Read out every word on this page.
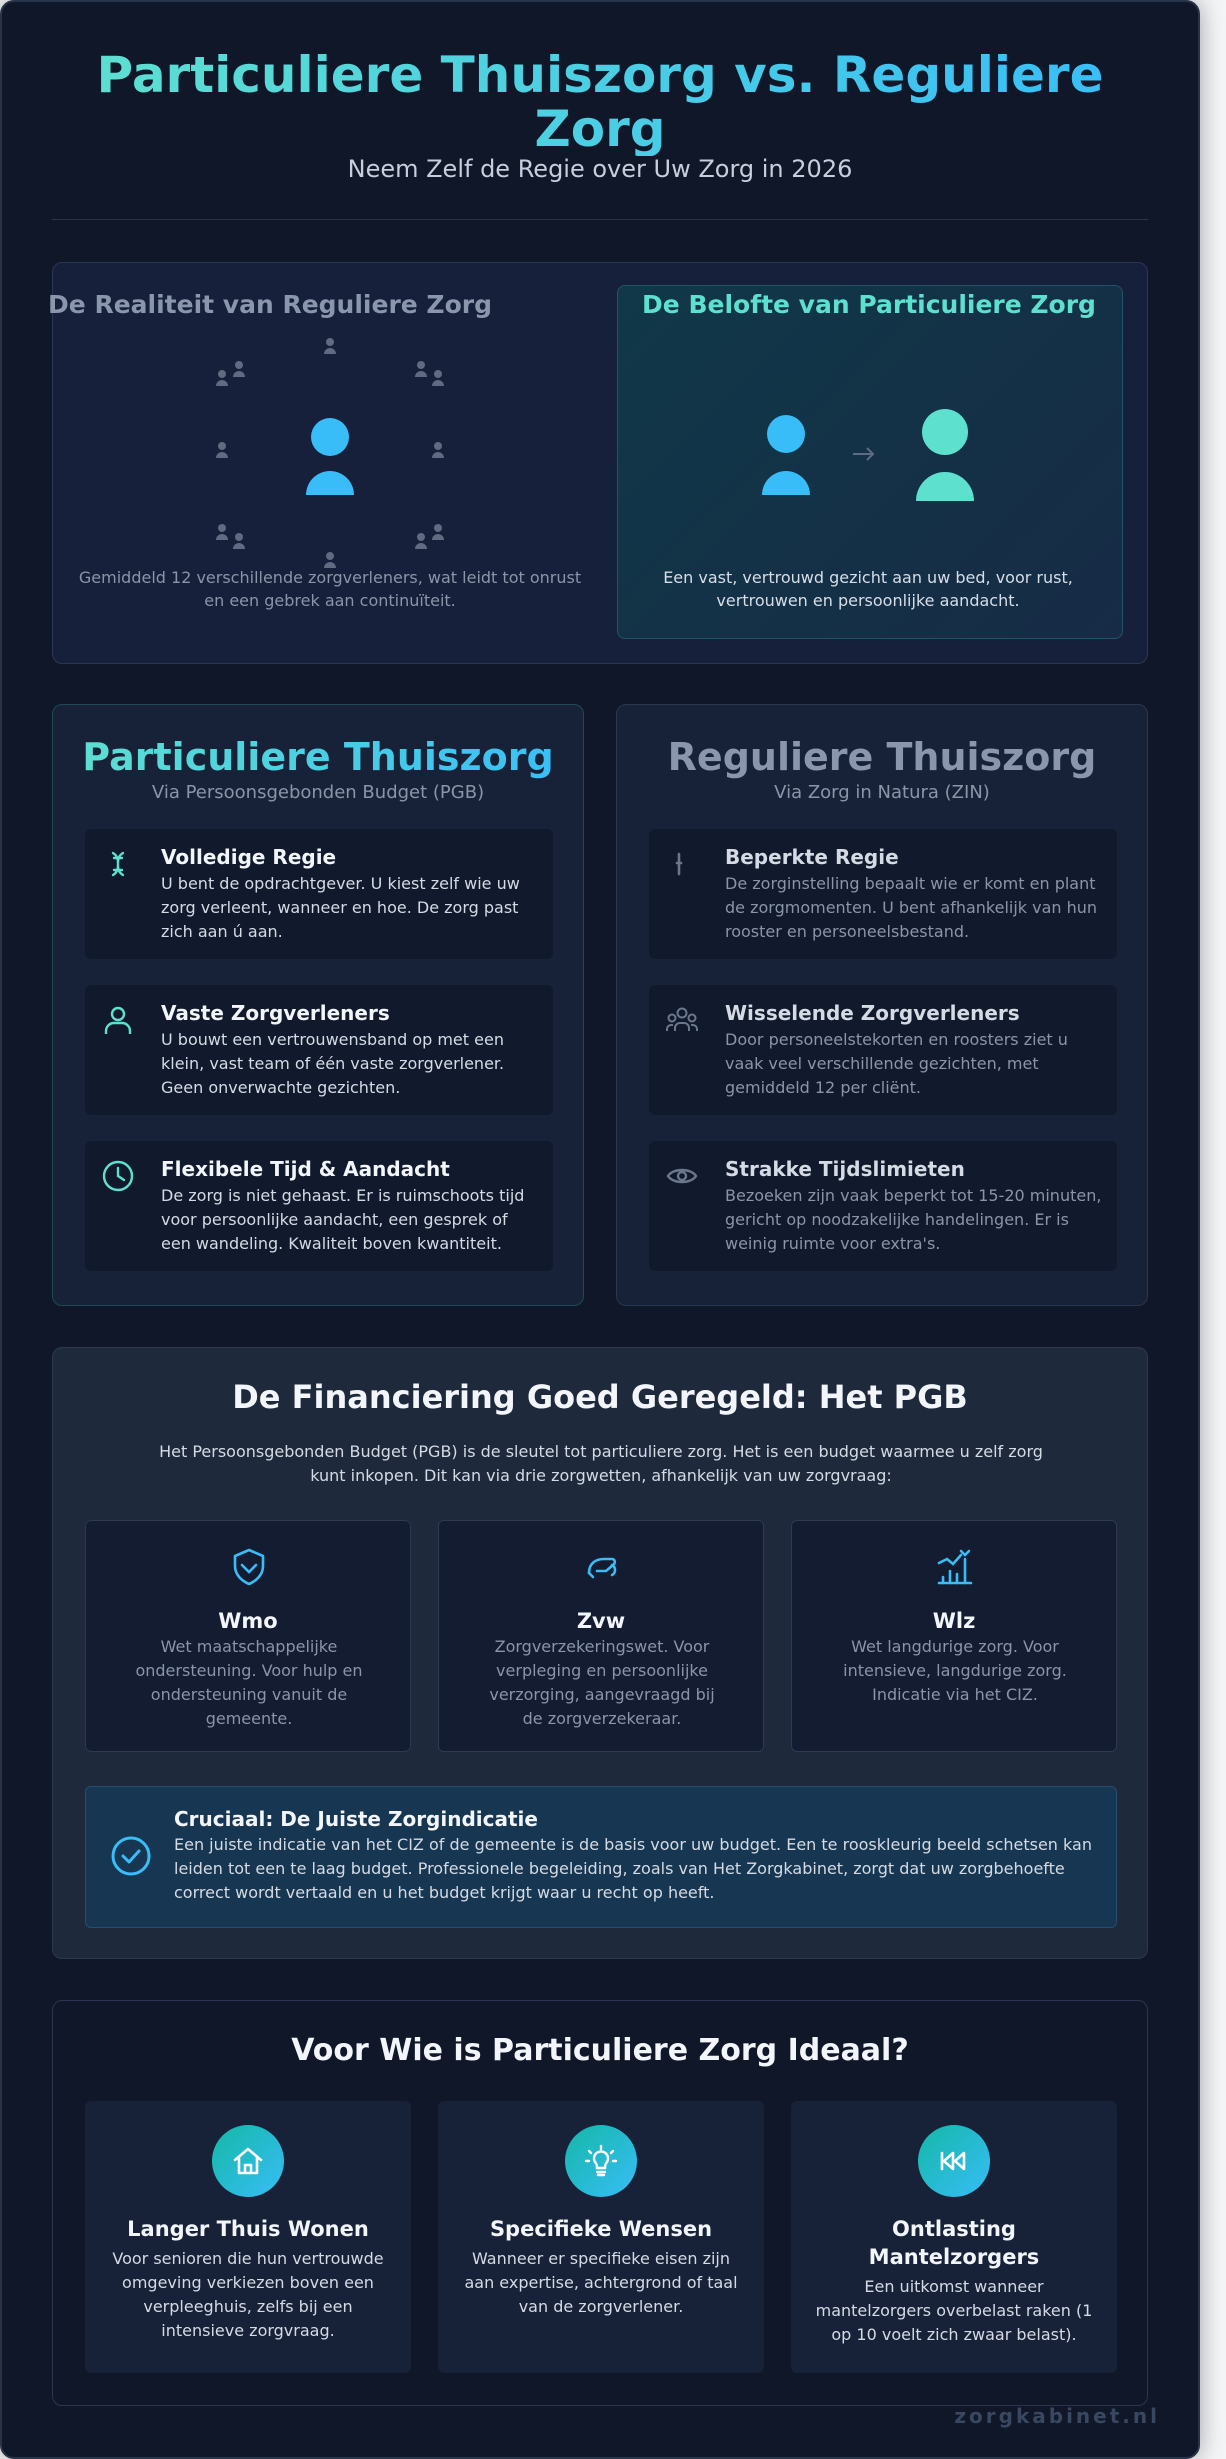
Particuliere Thuiszorg vs. Reguliere Zorg
Neem Zelf de Regie over Uw Zorg in 2026
De Realiteit van Reguliere Zorg	De Belofte van Particuliere Zorg
Gemiddeld 12 verschillende zorgverleners, wat leidt tot onrust en een gebrek aan continuïteit.
Een vast, vertrouwd gezicht aan uw bed, voor rust, vertrouwen en persoonlijke aandacht.
Particuliere Thuiszorg
Via Persoonsgebonden Budget (PGB)
Volledige Regie
U bent de opdrachtgever. U kiest zelf wie uw zorg verleent, wanneer en hoe. De zorg past zich aan ú aan.
Vaste Zorgverleners
U bouwt een vertrouwensband op met een klein, vast team of één vaste zorgverlener. Geen onverwachte gezichten.
Flexibele Tijd & Aandacht
De zorg is niet gehaast. Er is ruimschoots tijd voor persoonlijke aandacht, een gesprek of een wandeling. Kwaliteit boven kwantiteit.
Reguliere Thuiszorg
Via Zorg in Natura (ZIN)
Beperkte Regie
De zorginstelling bepaalt wie er komt en plant de zorgmomenten. U bent afhankelijk van hun rooster en personeelsbestand.
Wisselende Zorgverleners
Door personeelstekorten en roosters ziet u vaak veel verschillende gezichten, met gemiddeld 12 per cliënt.
Strakke Tijdslimieten
Bezoeken zijn vaak beperkt tot 15-20 minuten, gericht op noodzakelijke handelingen. Er is weinig ruimte voor extra's.
De Financiering Goed Geregeld: Het PGB
Het Persoonsgebonden Budget (PGB) is de sleutel tot particuliere zorg. Het is een budget waarmee u zelf zorg kunt inkopen. Dit kan via drie zorgwetten, afhankelijk van uw zorgvraag:
Wmo
Wet maatschappelijke ondersteuning. Voor hulp en ondersteuning vanuit de gemeente.
Zvw
Zorgverzekeringswet. Voor verpleging en persoonlijke verzorging, aangevraagd bij de zorgverzekeraar.
Wlz
Wet langdurige zorg. Voor intensieve, langdurige zorg. Indicatie via het CIZ.
Cruciaal: De Juiste Zorgindicatie
Een juiste indicatie van het CIZ of de gemeente is de basis voor uw budget. Een te rooskleurig beeld schetsen kan leiden tot een te laag budget. Professionele begeleiding, zoals van Het Zorgkabinet, zorgt dat uw zorgbehoefte correct wordt vertaald en u het budget krijgt waar u recht op heeft.
Voor Wie is Particuliere Zorg Ideaal?
Langer Thuis Wonen
Voor senioren die hun vertrouwde omgeving verkiezen boven een verpleeghuis, zelfs bij een intensieve zorgvraag.
Specifieke Wensen
Wanneer er specifieke eisen zijn aan expertise, achtergrond of taal van de zorgverlener.
Ontlasting Mantelzorgers
Een uitkomst wanneer mantelzorgers overbelast raken (1 op 10 voelt zich zwaar belast).
zorgkabinet.nl
